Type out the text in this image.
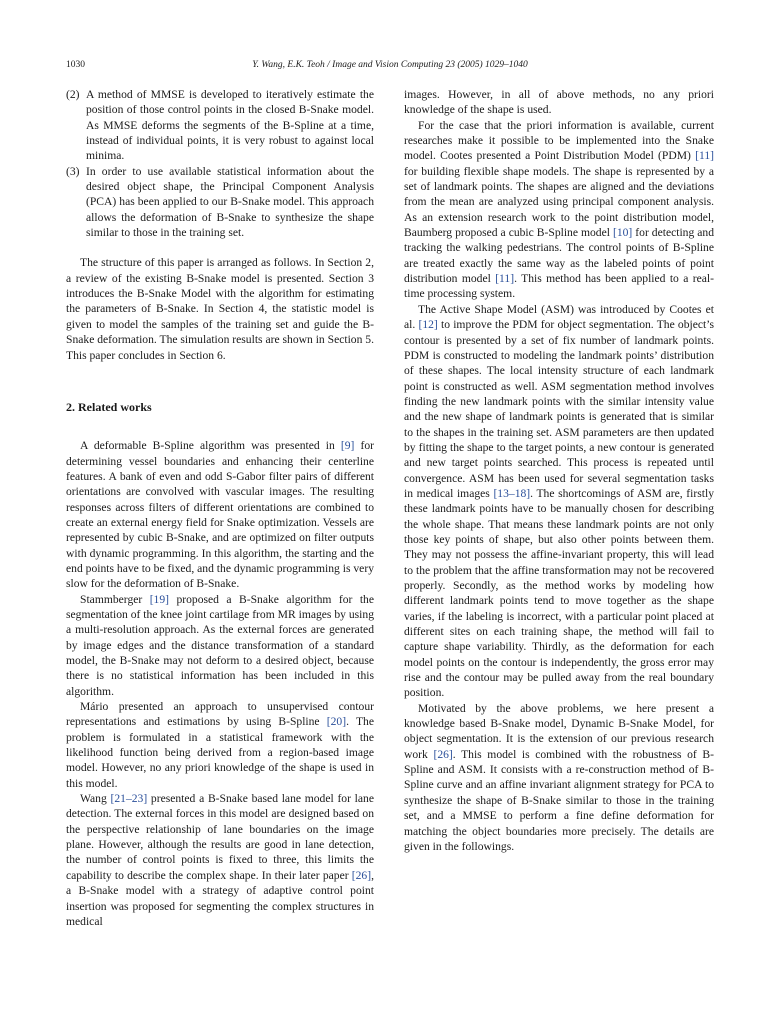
1030	Y. Wang, E.K. Teoh / Image and Vision Computing 23 (2005) 1029–1040
(2) A method of MMSE is developed to iteratively estimate the position of those control points in the closed B-Snake model. As MMSE deforms the segments of the B-Spline at a time, instead of individual points, it is very robust to against local minima.
(3) In order to use available statistical information about the desired object shape, the Principal Component Analysis (PCA) has been applied to our B-Snake model. This approach allows the deformation of B-Snake to synthesize the shape similar to those in the training set.

The structure of this paper is arranged as follows. In Section 2, a review of the existing B-Snake model is presented. Section 3 introduces the B-Snake Model with the algorithm for estimating the parameters of B-Snake. In Section 4, the statistic model is given to model the samples of the training set and guide the B-Snake deformation. The simulation results are shown in Section 5. This paper concludes in Section 6.

2. Related works

A deformable B-Spline algorithm was presented in [9] for determining vessel boundaries and enhancing their centerline features. A bank of even and odd S-Gabor filter pairs of different orientations are convolved with vascular images. The resulting responses across filters of different orientations are combined to create an external energy field for Snake optimization. Vessels are represented by cubic B-Snake, and are optimized on filter outputs with dynamic programming. In this algorithm, the starting and the end points have to be fixed, and the dynamic programming is very slow for the deformation of B-Snake.

Stammberger [19] proposed a B-Snake algorithm for the segmentation of the knee joint cartilage from MR images by using a multi-resolution approach. As the external forces are generated by image edges and the distance transformation of a standard model, the B-Snake may not deform to a desired object, because there is no statistical information has been included in this algorithm.

Mário presented an approach to unsupervised contour representations and estimations by using B-Spline [20]. The problem is formulated in a statistical framework with the likelihood function being derived from a region-based image model. However, no any priori knowledge of the shape is used in this model.

Wang [21–23] presented a B-Snake based lane model for lane detection. The external forces in this model are designed based on the perspective relationship of lane boundaries on the image plane. However, although the results are good in lane detection, the number of control points is fixed to three, this limits the capability to describe the complex shape. In their later paper [26], a B-Snake model with a strategy of adaptive control point insertion was proposed for segmenting the complex structures in medical

images. However, in all of above methods, no any priori knowledge of the shape is used.

For the case that the priori information is available, current researches make it possible to be implemented into the Snake model. Cootes presented a Point Distribution Model (PDM) [11] for building flexible shape models. The shape is represented by a set of landmark points. The shapes are aligned and the deviations from the mean are analyzed using principal component analysis. As an extension research work to the point distribution model, Baumberg proposed a cubic B-Spline model [10] for detecting and tracking the walking pedestrians. The control points of B-Spline are treated exactly the same way as the labeled points of point distribution model [11]. This method has been applied to a real-time processing system.

The Active Shape Model (ASM) was introduced by Cootes et al. [12] to improve the PDM for object segmentation. The object’s contour is presented by a set of fix number of landmark points. PDM is constructed to modeling the landmark points’ distribution of these shapes. The local intensity structure of each landmark point is constructed as well. ASM segmentation method involves finding the new landmark points with the similar intensity value and the new shape of landmark points is generated that is similar to the shapes in the training set. ASM parameters are then updated by fitting the shape to the target points, a new contour is generated and new target points searched. This process is repeated until convergence. ASM has been used for several segmentation tasks in medical images [13–18]. The shortcomings of ASM are, firstly these landmark points have to be manually chosen for describing the whole shape. That means these landmark points are not only those key points of shape, but also other points between them. They may not possess the affine-invariant property, this will lead to the problem that the affine transformation may not be recovered properly. Secondly, as the method works by modeling how different landmark points tend to move together as the shape varies, if the labeling is incorrect, with a particular point placed at different sites on each training shape, the method will fail to capture shape variability. Thirdly, as the deformation for each model points on the contour is independently, the gross error may rise and the contour may be pulled away from the real boundary position.

Motivated by the above problems, we here present a knowledge based B-Snake model, Dynamic B-Snake Model, for object segmentation. It is the extension of our previous research work [26]. This model is combined with the robustness of B-Spline and ASM. It consists with a re-construction method of B-Spline curve and an affine invariant alignment strategy for PCA to synthesize the shape of B-Snake similar to those in the training set, and a MMSE to perform a fine define deformation for matching the object boundaries more precisely. The details are given in the followings.
